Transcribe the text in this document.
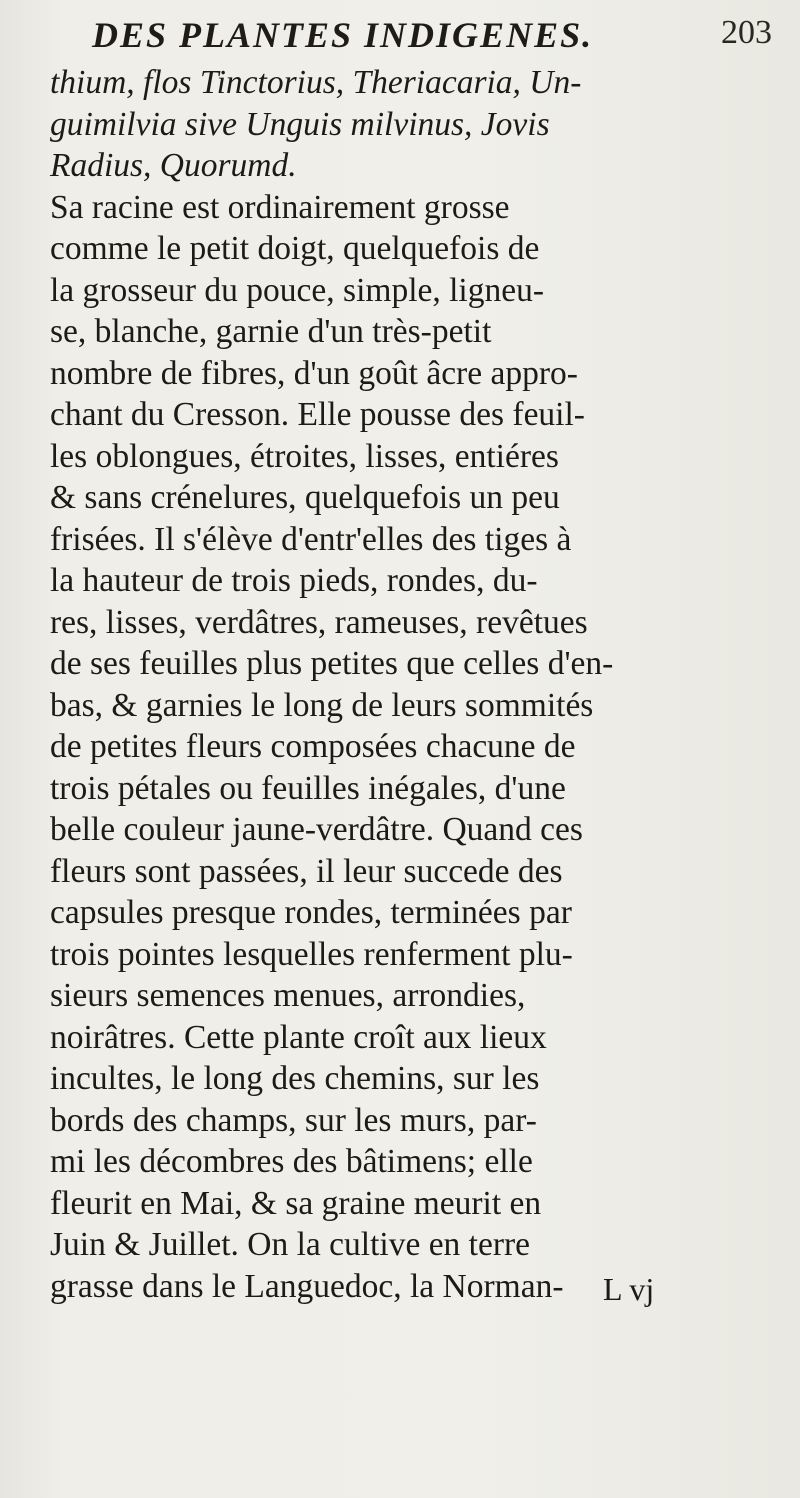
DES PLANTES INDIGENES.	203
thium, flos Tinctorius, Theriacaria, Un-
guimilvia sive Unguis milvinus, Jovis
Radius, Quorumd.
Sa racine est ordinairement grosse
comme le petit doigt, quelquefois de
la grosseur du pouce, simple, ligneu-
se, blanche, garnie d'un très-petit
nombre de fibres, d'un goût âcre appro-
chant du Cresson. Elle pousse des feuil-
les oblongues, étroites, lisses, entiéres
& sans crénelures, quelquefois un peu
frisées. Il s'élève d'entr'elles des tiges à
la hauteur de trois pieds, rondes, du-
res, lisses, verdâtres, rameuses, revêtues
de ses feuilles plus petites que celles d'en-
bas, & garnies le long de leurs sommités
de petites fleurs composées chacune de
trois pétales ou feuilles inégales, d'une
belle couleur jaune-verdâtre. Quand ces
fleurs sont passées, il leur succede des
capsules presque rondes, terminées par
trois pointes lesquelles renferment plu-
sieurs semences menues, arrondies,
noirâtres. Cette plante croît aux lieux
incultes, le long des chemins, sur les
bords des champs, sur les murs, par-
mi les décombres des bâtimens; elle
fleurit en Mai, & sa graine meurit en
Juin & Juillet. On la cultive en terre
grasse dans le Languedoc, la Norman-	L vj
